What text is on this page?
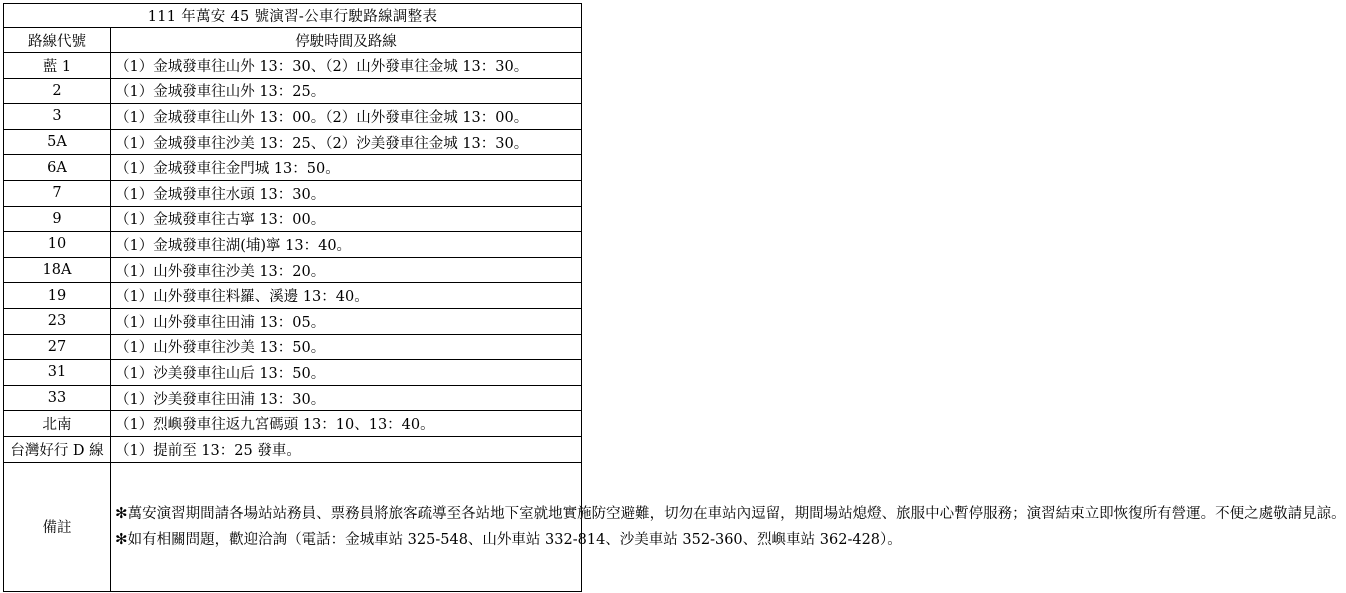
111 年萬安 45 號演習-公車行駛路線調整表	
路線代號	停駛時間及路線
藍 1	（1）金城發車往山外 13：30、（2）山外發車往金城 13：30。
2	（1）金城發車往山外 13：25。
3	（1）金城發車往山外 13：00。（2）山外發車往金城 13：00。
5A	（1）金城發車往沙美 13：25、（2）沙美發車往金城 13：30。
6A	（1）金城發車往金門城 13：50。
7	（1）金城發車往水頭 13：30。
9	（1）金城發車往古寧 13：00。
10	（1）金城發車往湖(埔)寧 13：40。
18A	（1）山外發車往沙美 13：20。
19	（1）山外發車往料羅、溪邊 13：40。
23	（1）山外發車往田浦 13：05。
27	（1）山外發車往沙美 13：50。
31	（1）沙美發車往山后 13：50。
33	（1）沙美發車往田浦 13：30。
北南	（1）烈嶼發車往返九宮碼頭 13：10、13：40。
台灣好行 D 線	（1）提前至 13：25 發車。
備註	✻萬安演習期間請各場站站務員、票務員將旅客疏導至各站地下室就地實施防空避難，切勿在車站內逗留，期間場站熄燈、旅服中心暫停服務；演習結束立即恢復所有營運。不便之處敬請見諒。
✻如有相關問題，歡迎洽詢（電話：金城車站 325-548、山外車站 332-814、沙美車站 352-360、烈嶼車站 362-428）。
